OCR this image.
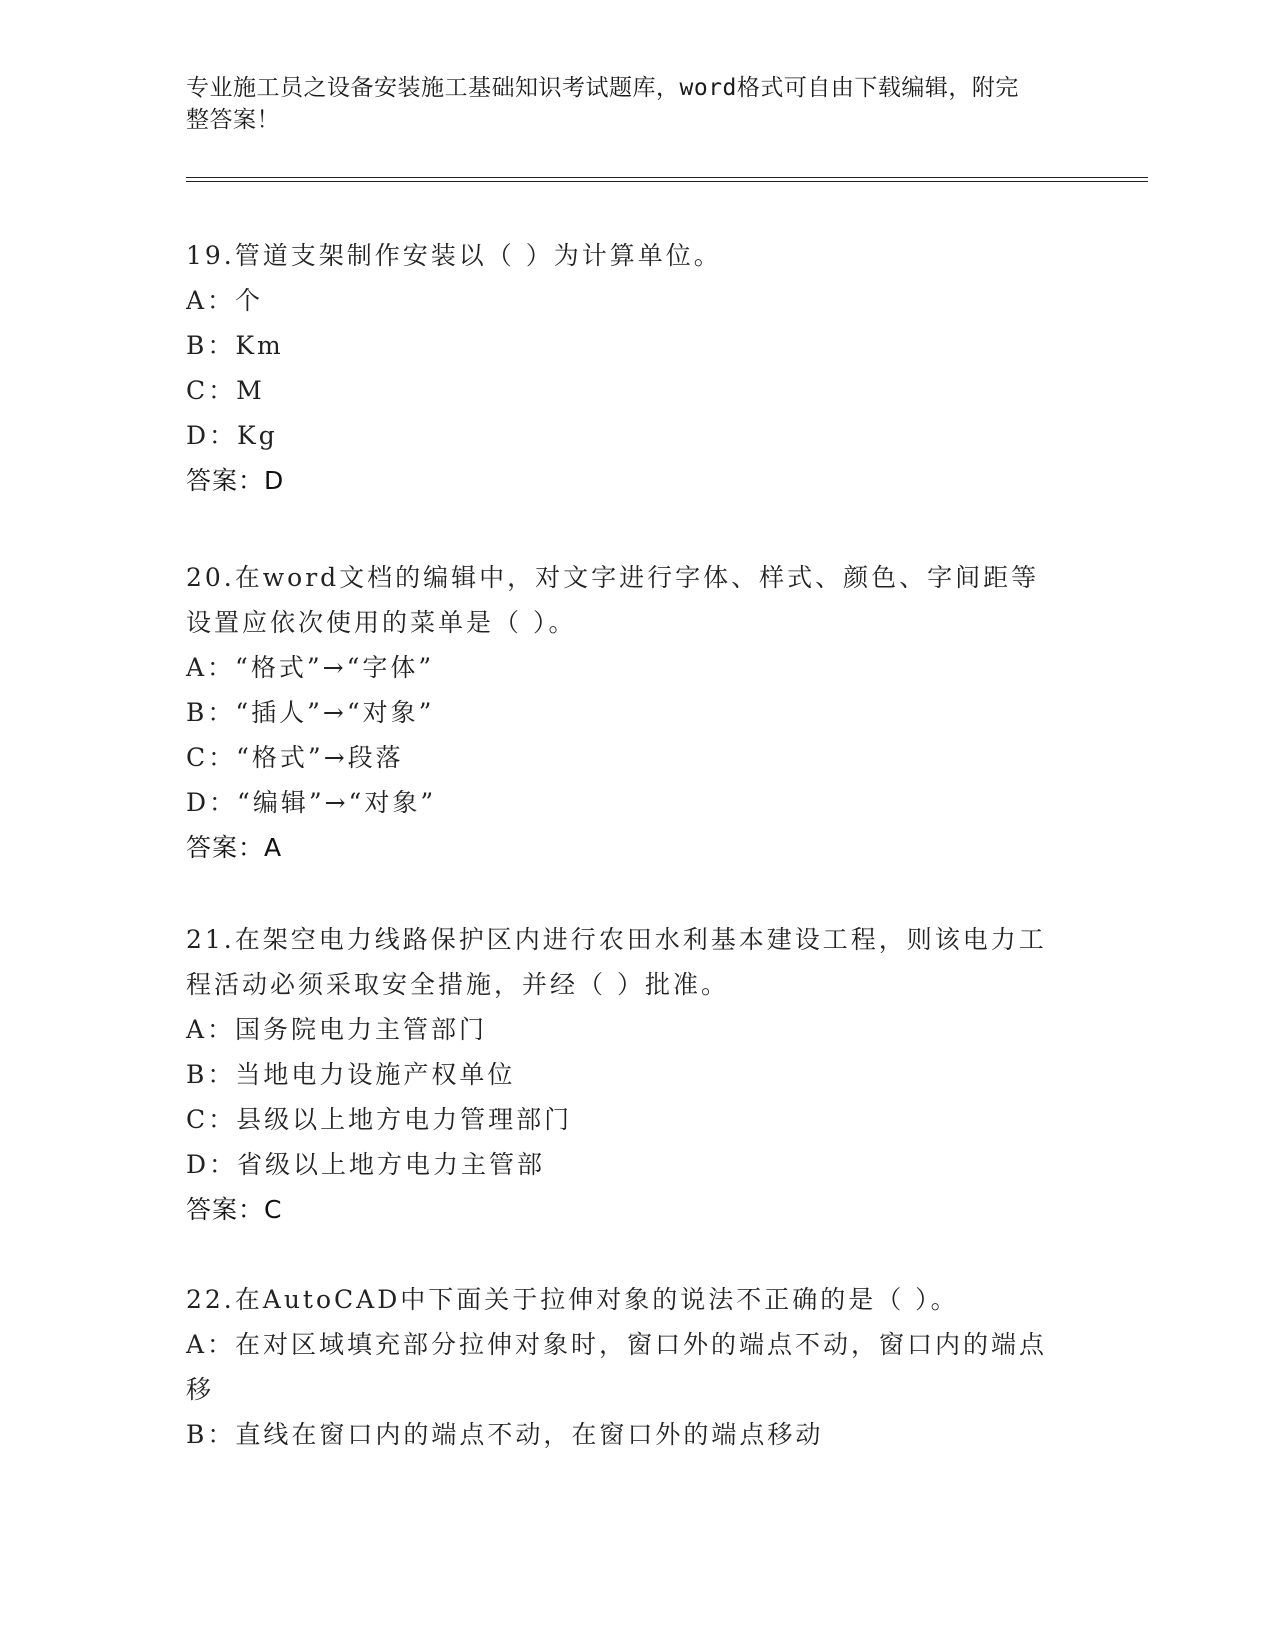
专业施工员之设备安装施工基础知识考试题库，word格式可自由下载编辑，附完
整答案！
19.管道支架制作安装以（ ）为计算单位。
A：个
B：Km
C：M
D：Kg
答案：D
20.在word文档的编辑中，对文字进行字体、样式、颜色、字间距等
设置应依次使用的菜单是（ ）。
A：“格式”→“字体”
B：“插人”→“对象”
C：“格式”→段落
D：“编辑”→“对象”
答案：A
21.在架空电力线路保护区内进行农田水利基本建设工程，则该电力工
程活动必须采取安全措施，并经（ ）批准。
A：国务院电力主管部门
B：当地电力设施产权单位
C：县级以上地方电力管理部门
D：省级以上地方电力主管部
答案：C
22.在AutoCAD中下面关于拉伸对象的说法不正确的是（ ）。
A：在对区域填充部分拉伸对象时，窗口外的端点不动，窗口内的端点
移
B：直线在窗口内的端点不动，在窗口外的端点移动
